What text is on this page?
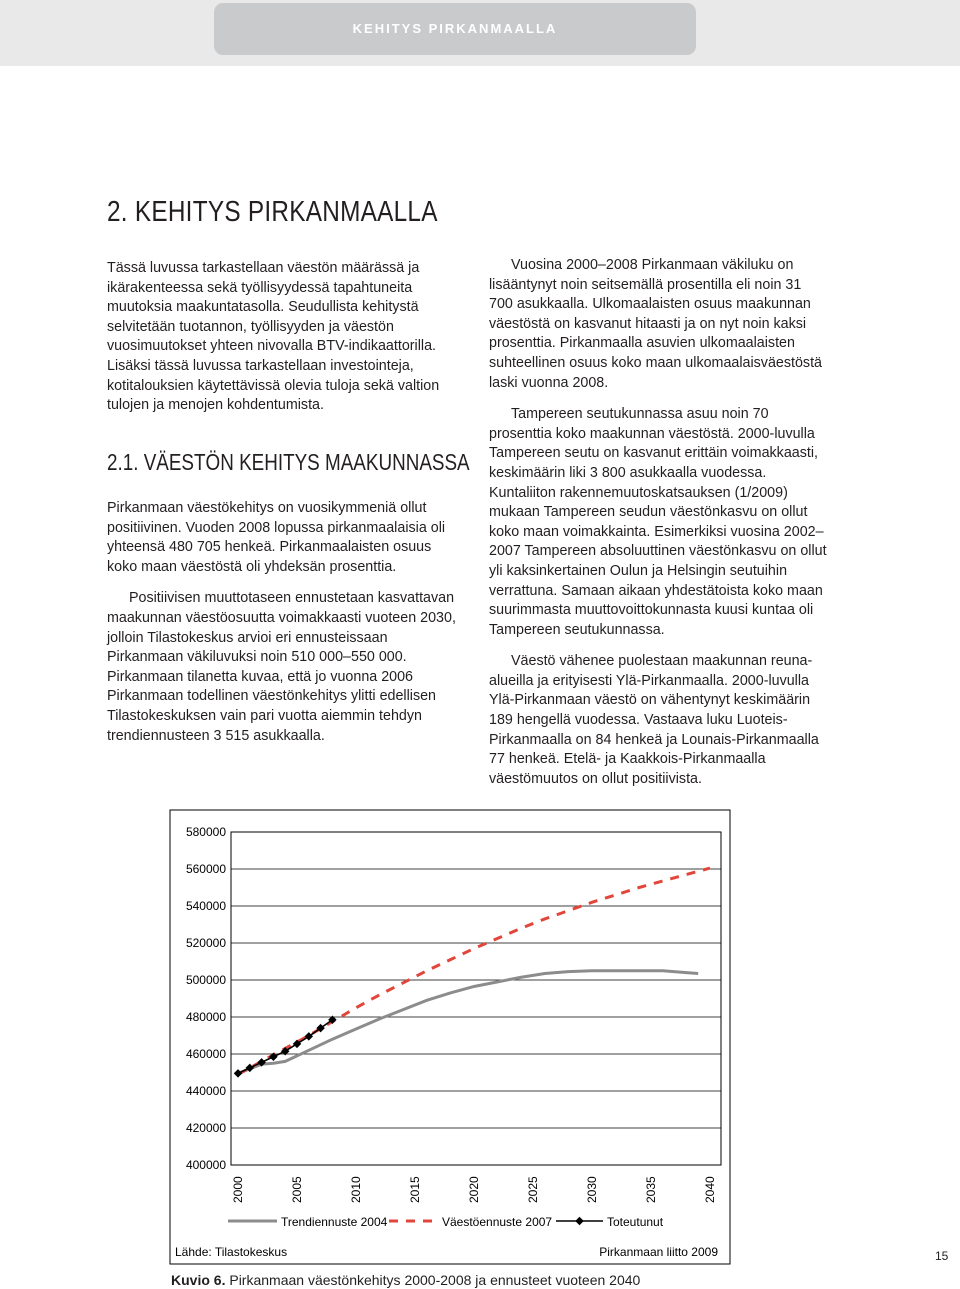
KEHITYS PIRKANMAALLA
2. KEHITYS PIRKANMAALLA

Tässä luvussa tarkastellaan väestön määrässä ja ikärakenteessa sekä työllisyydessä tapahtuneita muutoksia maakuntatasolla. Seudullista kehitystä selvitetään tuotannon, työllisyyden ja väestön vuosimuutokset yhteen nivovalla BTV-indikaattorilla. Lisäksi tässä luvussa tarkastellaan investointeja, kotitalouksien käytettävissä olevia tuloja sekä valtion tulojen ja menojen kohdentumista.

2.1. VÄESTÖN KEHITYS MAAKUNNASSA

Pirkanmaan väestökehitys on vuosikymmeniä ollut positiivinen. Vuoden 2008 lopussa pirkanmaalaisia oli yhteensä 480 705 henkeä. Pirkanmaalaisten osuus koko maan väestöstä oli yhdeksän prosenttia.

Positiivisen muuttotaseen ennustetaan kasvattavan maakunnan väestöosuutta voimakkaasti vuoteen 2030, jolloin Tilastokeskus arvioi eri ennusteissaan Pirkanmaan väkiluvuksi noin 510 000–550 000. Pirkanmaan tilanetta kuvaa, että jo vuonna 2006 Pirkanmaan todellinen väestönkehitys ylitti edellisen Tilastokeskuksen vain pari vuotta aiemmin tehdyn trendiennusteen 3 515 asukkaalla.

Vuosina 2000–2008 Pirkanmaan väkiluku on lisääntynyt noin seitsemällä prosentilla eli noin 31 700 asukkaalla. Ulkomaalaisten osuus maakunnan väestöstä on kasvanut hitaasti ja on nyt noin kaksi prosenttia. Pirkanmaalla asuvien ulkomaalaisten suhteellinen osuus koko maan ulkomaalaisväestöstä laski vuonna 2008.

Tampereen seutukunnassa asuu noin 70 prosenttia koko maakunnan väestöstä. 2000-luvulla Tampereen seutu on kasvanut erittäin voimakkaasti, keskimäärin liki 3 800 asukkaalla vuodessa. Kuntaliiton rakennemuutoskatsauksen (1/2009) mukaan Tampereen seudun väestönkasvu on ollut koko maan voimakkainta. Esimerkiksi vuosina 2002–2007 Tampereen absoluuttinen väestönkasvu on ollut yli kaksinkertainen Oulun ja Helsingin seutuihin verrattuna. Samaan aikaan yhdestätoista koko maan suurimmasta muuttovoittokunnasta kuusi kuntaa oli Tampereen seutukunnassa.

Väestö vähenee puolestaan maakunnan reuna-alueilla ja erityisesti Ylä-Pirkanmaalla. 2000-luvulla Ylä-Pirkanmaan väestö on vähentynyt keskimäärin 189 hengellä vuodessa. Vastaava luku Luoteis-Pirkanmaalla on 84 henkeä ja Lounais-Pirkanmaalla 77 henkeä. Etelä- ja Kaakkois-Pirkanmaalla väestömuutos on ollut positiivista.

580000
560000
540000
520000
500000
480000
460000
440000
420000
400000
2000	2005	2010	2015	2020	2025	2030	2035	2040
Trendiennuste 2004	Väestöennuste 2007	Toteutunut
Lähde: Tilastokeskus	Pirkanmaan liitto 2009
Kuvio 6. Pirkanmaan väestönkehitys 2000-2008 ja ennusteet vuoteen 2040
15
